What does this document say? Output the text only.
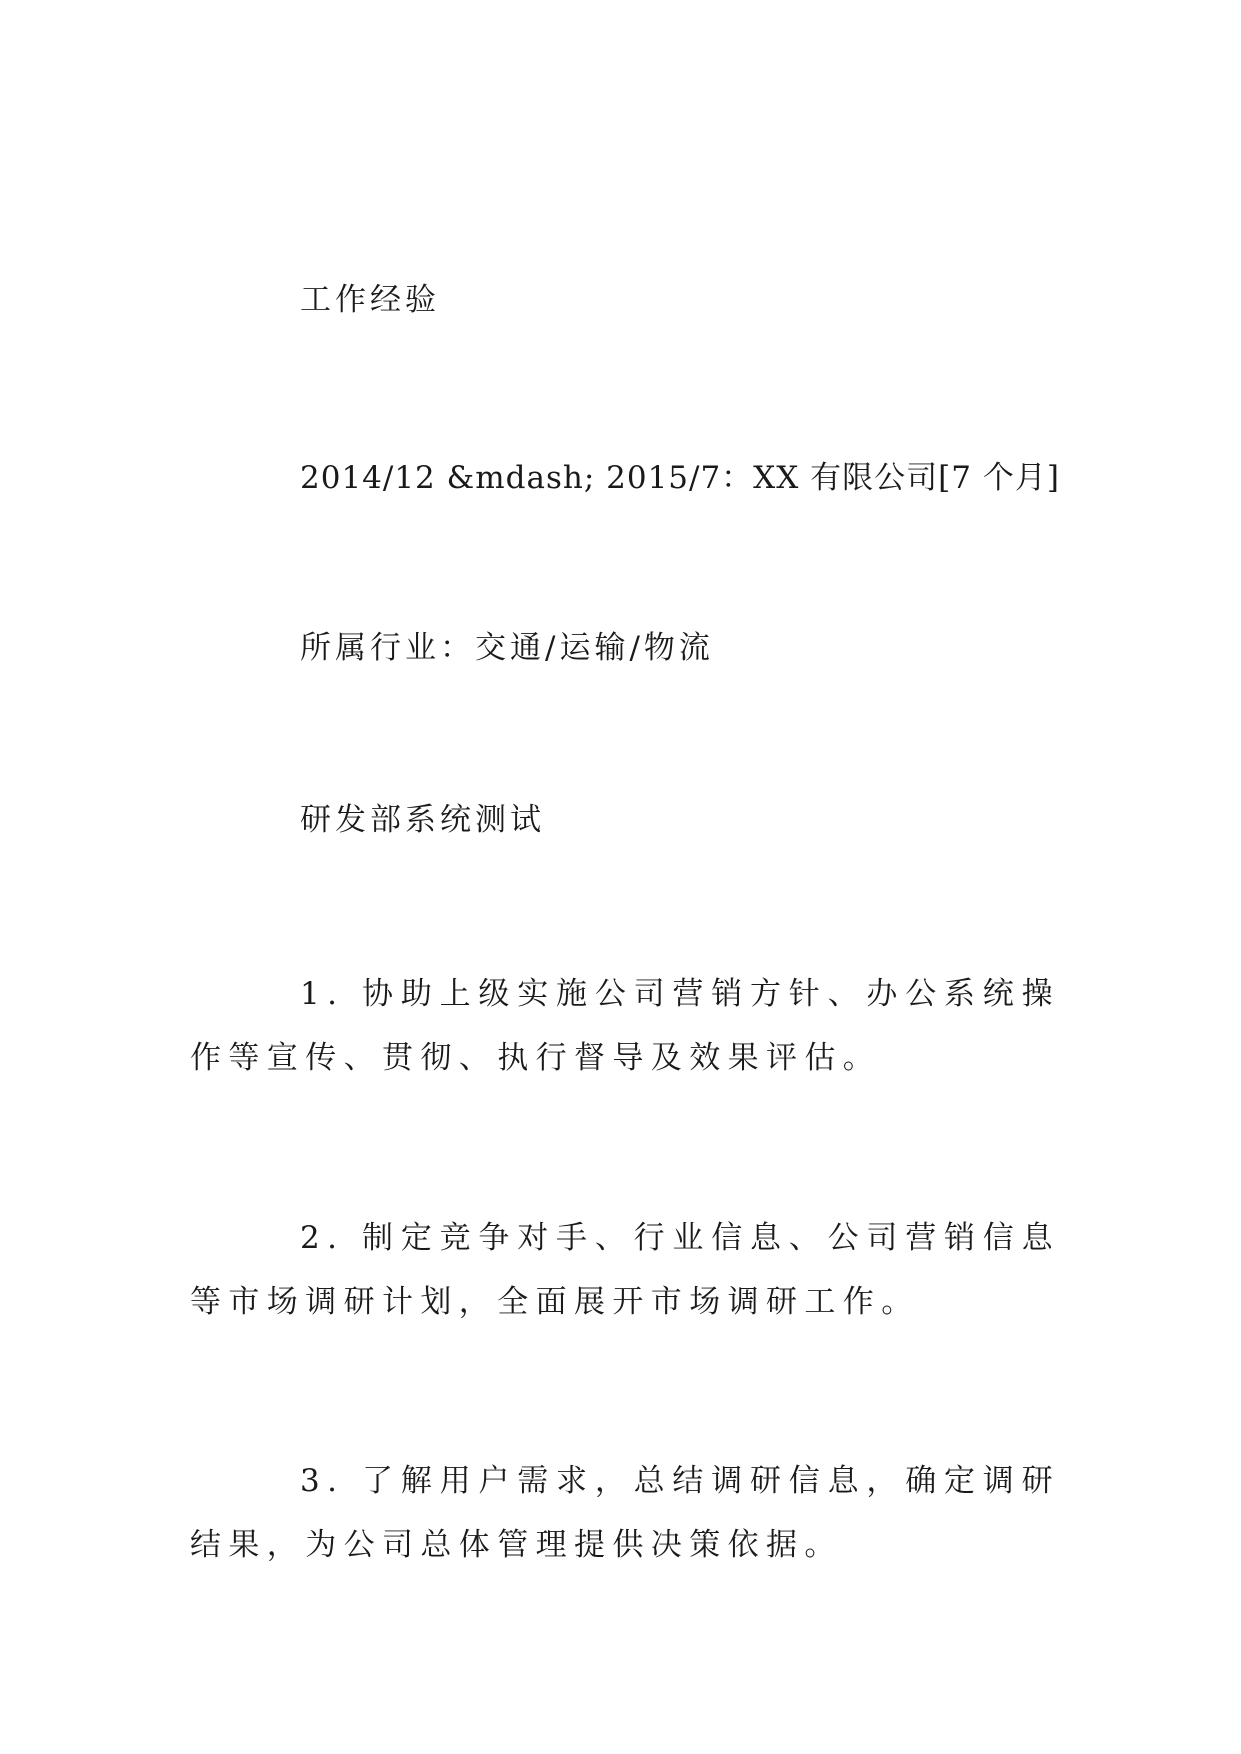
工作经验
2014/12 &mdash; 2015/7：XX 有限公司[7 个月]
所属行业：交通/运输/物流
研发部系统测试
1. 协助上级实施公司营销方针、办公系统操作等宣传、贯彻、执行督导及效果评估。
2. 制定竞争对手、行业信息、公司营销信息等市场调研计划，全面展开市场调研工作。
3. 了解用户需求，总结调研信息，确定调研结果，为公司总体管理提供决策依据。
